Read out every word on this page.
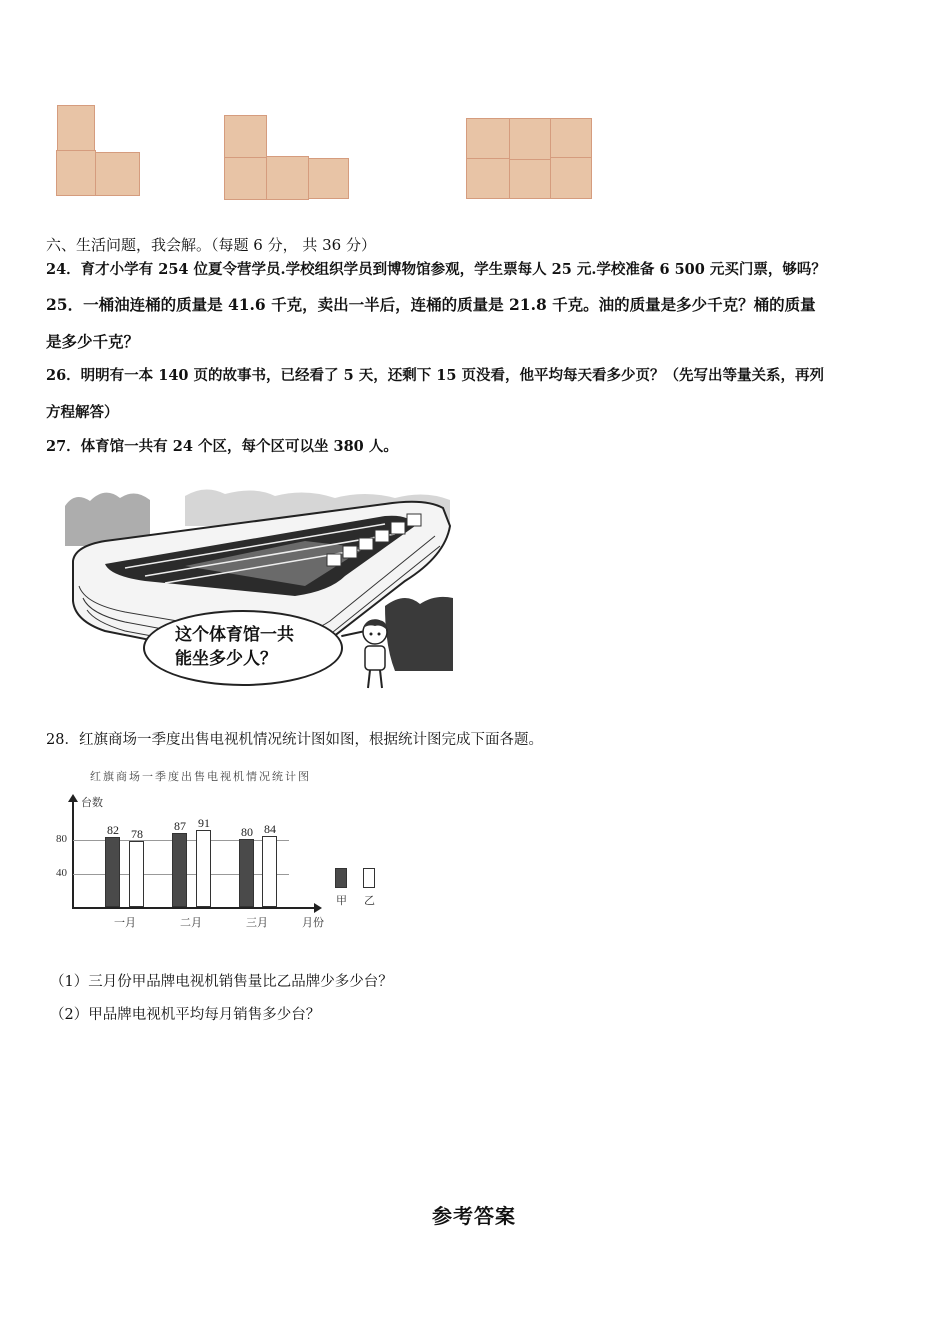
六、生活问题，我会解。（每题 6 分， 共 36 分）
24．育才小学有 254 位夏令营学员.学校组织学员到博物馆参观，学生票每人 25 元.学校准备 6 500 元买门票，够吗？
25．一桶油连桶的质量是 41.6 千克，卖出一半后，连桶的质量是 21.8 千克。油的质量是多少千克？桶的质量
是多少千克？
26．明明有一本 140 页的故事书，已经看了 5 天，还剩下 15 页没看，他平均每天看多少页？（先写出等量关系，再列
方程解答）
27．体育馆一共有 24 个区，每个区可以坐 380 人。
这个体育馆一共
能坐多少人？
28．红旗商场一季度出售电视机情况统计图如图，根据统计图完成下面各题。
红旗商场一季度出售电视机情况统计图
台数
月份
80
40
82	78
87	91
80 84
一月	二月	三月
甲 乙
（1）三月份甲品牌电视机销售量比乙品牌少多少台？
（2）甲品牌电视机平均每月销售多少台？
参考答案
